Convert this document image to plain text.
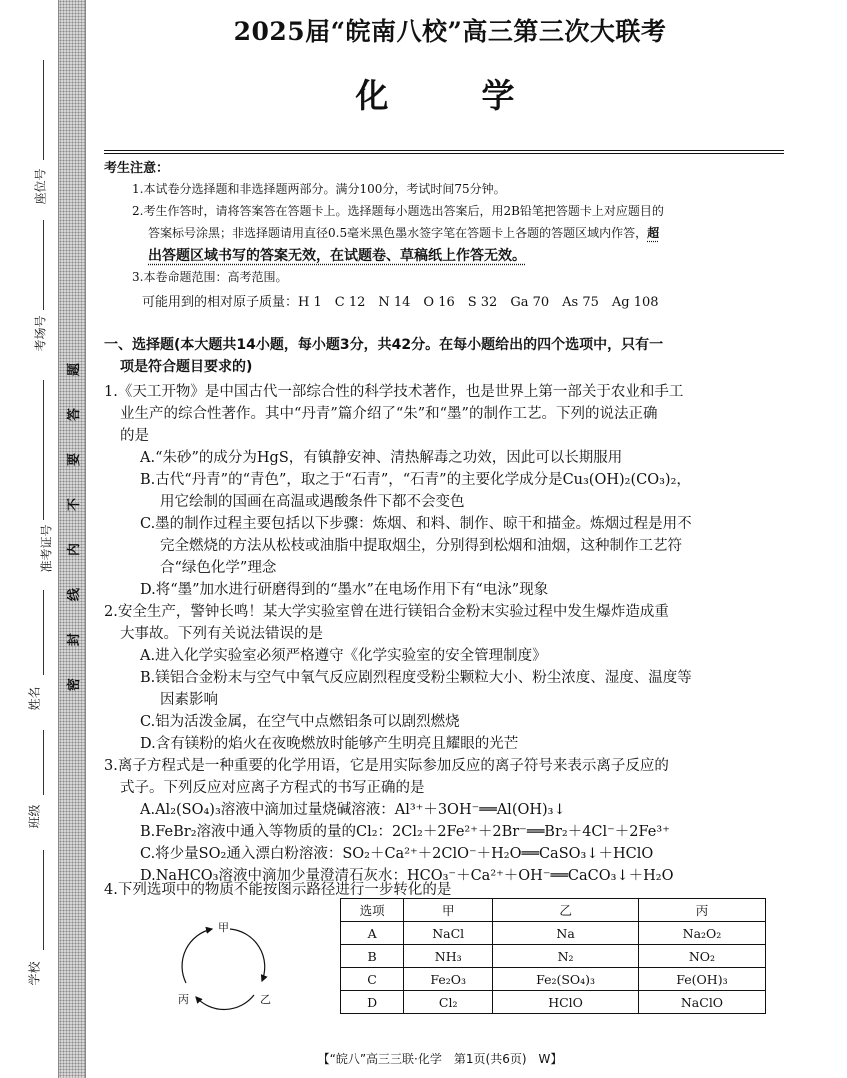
座位号
考场号
准考证号
姓名
班级
学校
题
答
要
不
内
线
封
密
2025届“皖南八校”高三第三次大联考
化　学
考生注意：
1.本试卷分选择题和非选择题两部分。满分100分，考试时间75分钟。
2.考生作答时，请将答案答在答题卡上。选择题每小题选出答案后，用2B铅笔把答题卡上对应题目的
答案标号涂黑；非选择题请用直径0.5毫米黑色墨水签字笔在答题卡上各题的答题区域内作答，超
出答题区域书写的答案无效，在试题卷、草稿纸上作答无效。
3.本卷命题范围：高考范围。
可能用到的相对原子质量：H 1　C 12　N 14　O 16　S 32　Ga 70　As 75　Ag 108
一、选择题(本大题共14小题，每小题3分，共42分。在每小题给出的四个选项中，只有一
项是符合题目要求的)
1.《天工开物》是中国古代一部综合性的科学技术著作，也是世界上第一部关于农业和手工
业生产的综合性著作。其中“丹青”篇介绍了“朱”和“墨”的制作工艺。下列的说法正确
的是
A.“朱砂”的成分为HgS，有镇静安神、清热解毒之功效，因此可以长期服用
B.古代“丹青”的“青色”，取之于“石青”，“石青”的主要化学成分是Cu₃(OH)₂(CO₃)₂，
用它绘制的国画在高温或遇酸条件下都不会变色
C.墨的制作过程主要包括以下步骤：炼烟、和料、制作、晾干和描金。炼烟过程是用不
完全燃烧的方法从松枝或油脂中提取烟尘，分别得到松烟和油烟，这种制作工艺符
合“绿色化学”理念
D.将“墨”加水进行研磨得到的“墨水”在电场作用下有“电泳”现象
2.安全生产，警钟长鸣！某大学实验室曾在进行镁铝合金粉末实验过程中发生爆炸造成重
大事故。下列有关说法错误的是
A.进入化学实验室必须严格遵守《化学实验室的安全管理制度》
B.镁铝合金粉末与空气中氧气反应剧烈程度受粉尘颗粒大小、粉尘浓度、湿度、温度等
因素影响
C.铝为活泼金属，在空气中点燃铝条可以剧烈燃烧
D.含有镁粉的焰火在夜晚燃放时能够产生明亮且耀眼的光芒
3.离子方程式是一种重要的化学用语，它是用实际参加反应的离子符号来表示离子反应的
式子。下列反应对应离子方程式的书写正确的是
A.Al₂(SO₄)₃溶液中滴加过量烧碱溶液：Al³⁺＋3OH⁻══Al(OH)₃↓
B.FeBr₂溶液中通入等物质的量的Cl₂：2Cl₂＋2Fe²⁺＋2Br⁻══Br₂＋4Cl⁻＋2Fe³⁺
C.将少量SO₂通入漂白粉溶液：SO₂＋Ca²⁺＋2ClO⁻＋H₂O══CaSO₃↓＋HClO
D.NaHCO₃溶液中滴加少量澄清石灰水：HCO₃⁻＋Ca²⁺＋OH⁻══CaCO₃↓＋H₂O
4.下列选项中的物质不能按图示路径进行一步转化的是
甲
乙
丙
选项	甲	乙	丙
A	NaCl	Na	Na₂O₂
B	NH₃	N₂	NO₂
C	Fe₂O₃	Fe₂(SO₄)₃	Fe(OH)₃
D	Cl₂	HClO	NaClO
【“皖八”高三三联·化学　第1页(共6页)　W】
